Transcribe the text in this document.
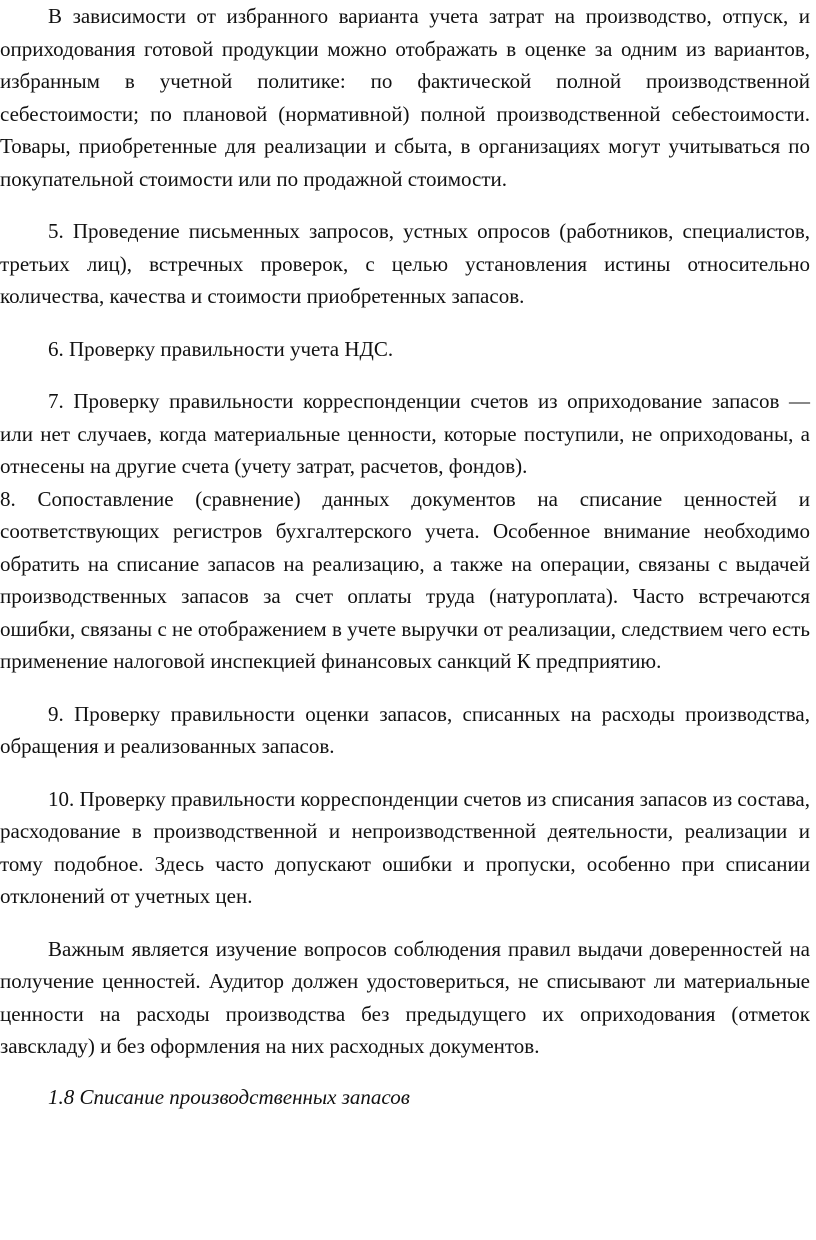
В зависимости от избранного варианта учета затрат на производство, отпуск, и оприходования готовой продукции можно отображать в оценке за одним из вариантов, избранным в учетной политике: по фактической полной производственной себестоимости; по плановой (нормативной) полной производственной себестоимости. Товары, приобретенные для реализации и сбыта, в организациях могут учитываться по покупательной стоимости или по продажной стоимости.

5. Проведение письменных запросов, устных опросов (работников, специалистов, третьих лиц), встречных проверок, с целью установления истины относительно количества, качества и стоимости приобретенных запасов.

6. Проверку правильности учета НДС.

7. Проверку правильности корреспонденции счетов из оприходование запасов — или нет случаев, когда материальные ценности, которые поступили, не оприходованы, а отнесены на другие счета (учету затрат, расчетов, фондов).

8. Сопоставление (сравнение) данных документов на списание ценностей и соответствующих регистров бухгалтерского учета. Особенное внимание необходимо обратить на списание запасов на реализацию, а также на операции, связаны с выдачей производственных запасов за счет оплаты труда (натуроплата). Часто встречаются ошибки, связаны с не отображением в учете выручки от реализации, следствием чего есть применение налоговой инспекцией финансовых санкций К предприятию.

9. Проверку правильности оценки запасов, списанных на расходы производства, обращения и реализованных запасов.

10. Проверку правильности корреспонденции счетов из списания запасов из состава, расходование в производственной и непроизводственной деятельности, реализации и тому подобное. Здесь часто допускают ошибки и пропуски, особенно при списании отклонений от учетных цен.

Важным является изучение вопросов соблюдения правил выдачи доверенностей на получение ценностей. Аудитор должен удостовериться, не списывают ли материальные ценности на расходы производства без предыдущего их оприходования (отметок завскладу) и без оформления на них расходных документов.

1.8 Списание производственных запасов
